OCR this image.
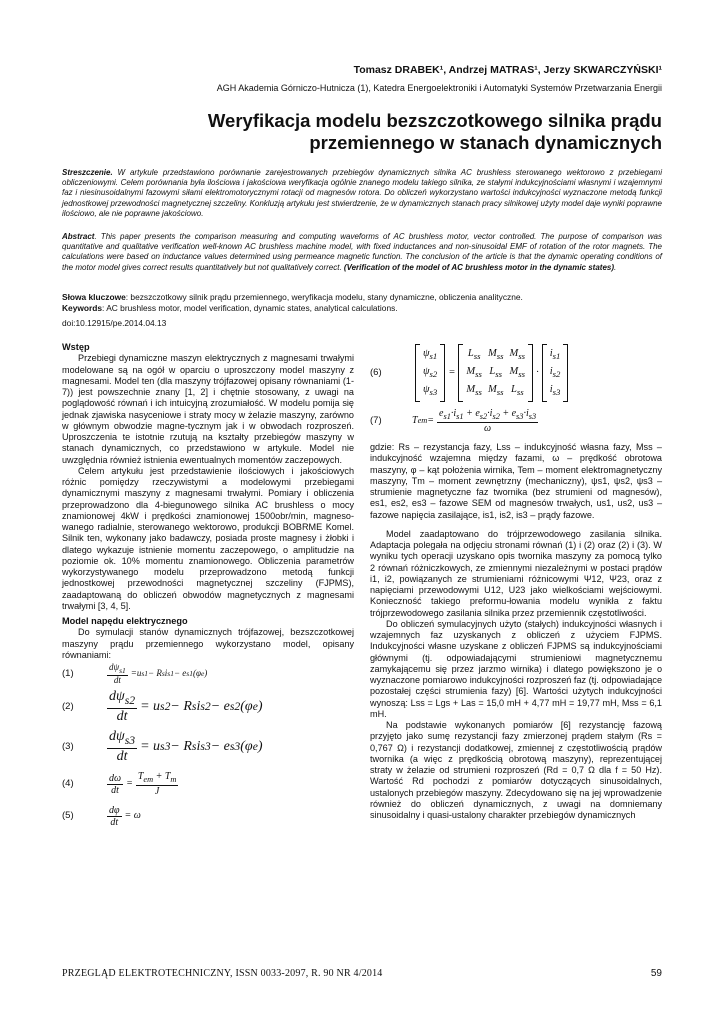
Tomasz DRABEK¹, Andrzej MATRAS¹, Jerzy SKWARCZYŃSKI¹
AGH Akademia Górniczo-Hutnicza (1), Katedra Energoelektroniki i Automatyki Systemów Przetwarzania Energii
Weryfikacja modelu bezszczotkowego silnika prądu
przemiennego w stanach dynamicznych
Streszczenie. W artykule przedstawiono porównanie zarejestrowanych przebiegów dynamicznych silnika AC brushless sterowanego wektorowo z przebiegami obliczeniowymi. Celem porównania była ilościowa i jakościowa weryfikacja ogólnie znanego modelu takiego silnika, ze stałymi indukcyjnościami własnymi i wzajemnymi faz i niesinusoidalnymi fazowymi siłami elektromotorycznymi rotacji od magnesów rotora. Do obliczeń wykorzystano wartości indukcyjności wyznaczone metodą funkcji jednostkowej przewodności magnetycznej szczeliny. Konkluzją artykułu jest stwierdzenie, że w dynamicznych stanach pracy silnikowej użyty model daje wyniki poprawne ilościowo, ale nie poprawne jakościowo.
Abstract. This paper presents the comparison measuring and computing waveforms of AC brushless motor, vector controlled. The purpose of comparison was quantitative and qualitative verification well-known AC brushless machine model, with fixed inductances and non-sinusoidal EMF of rotation of the rotor magnets. The calculations were based on inductance values determined using permeance magnetic function. The conclusion of the article is that the dynamic operating conditions of the motor model gives correct results quantitatively but not qualitatively correct. (Verification of the model of AC brushless motor in the dynamic states).
Słowa kluczowe: bezszczotkowy silnik prądu przemiennego, weryfikacja modelu, stany dynamiczne, obliczenia analityczne.
Keywords: AC brushless motor, model verification, dynamic states, analytical calculations.
doi:10.12915/pe.2014.04.13
Wstęp

Przebiegi dynamiczne maszyn elektrycznych z magnesami trwałymi modelowane są na ogół w oparciu o uproszczony model maszyny z magnesami. Model ten (dla maszyny trójfazowej opisany równaniami (1-7)) jest powszechnie znany [1, 2] i chętnie stosowany, z uwagi na poglądowość równań i ich intuicyjną zrozumiałość. W modelu pomija się jednak zjawiska nasyceniowe i straty mocy w żelazie maszyny, zarówno w głównym obwodzie magne-tycznym jak i w obwodach rozproszeń. Uproszczenia te istotnie rzutują na kształty przebiegów maszyny w stanach dynamicznych, co przedstawiono w artykule. Model nie uwzględnia również istnienia ewentualnych momentów zaczepowych.

Celem artykułu jest przedstawienie ilościowych i jakościowych różnic pomiędzy rzeczywistymi a modelowymi przebiegami dynamicznymi maszyny z magnesami trwałymi. Pomiary i obliczenia przeprowadzono dla 4-biegunowego silnika AC brushless o mocy znamionowej 4kW i prędkości znamionowej 1500obr/min, magneso-wanego radialnie, sterowanego wektorowo, produkcji BOBRME Komel. Silnik ten, wykonany jako badawczy, posiada proste magnesy i żłobki i dlatego wykazuje istnienie momentu zaczepowego, o amplitudzie na poziomie ok. 10% momentu znamionowego. Obliczenia parametrów wykorzystywanego modelu przeprowadzono metodą funkcji jednostkowej przewodności magnetycznej szczeliny (FJPMS), zaadaptowaną do obliczeń obwodów magnetycznych z magnesami trwałymi [3, 4, 5].

Model napędu elektrycznego

Do symulacji stanów dynamicznych trójfazowej, bezszczotkowej maszyny prądu przemiennego wykorzystano model, opisany równaniami:

(1)	$\frac{d\psi_{s1}}{dt} =u$ s1 − R s i s1 − e s1 (φ e )
(2)	$\frac{d\psi_{s2}}{dt} = u$ s2 − R s i s2 − e s2 (φ e )
(3)	$\frac{d\psi_{s3}}{dt} = u$ s3 − R s i s3 − e s3 (φ e )
(4)	$\frac{d\omega}{dt} = \frac{T_{em} + T_m}{J}$
(5)	$\frac{d\varphi}{dt} = \omega$
(6)
$\psi_{s1}$
$\psi_{s2}$
$\psi_{s3}$
=
$L_{ss}$
$M_{ss}$
$M_{ss}$
$M_{ss}$
$L_{ss}$
$M_{ss}$
$M_{ss}$
$M_{ss}$
$L_{ss}$
·
$i_{s1}$
$i_{s2}$
$i_{s3}$
(7)	T em = $\frac{e_{s1}\cdot i_{s1} + e_{s2}\cdot i_{s2} + e_{s3}\cdot i_{s3}}{\omega}$

gdzie: Rs – rezystancja fazy, Lss – indukcyjność własna fazy, Mss – indukcyjność wzajemna między fazami, ω – prędkość obrotowa maszyny, φ – kąt położenia wirnika, Tem – moment elektromagnetyczny maszyny, Tm – moment zewnętrzny (mechaniczny), ψs1, ψs2, ψs3 – strumienie magnetyczne faz twornika (bez strumieni od magnesów), es1, es2, es3 – fazowe SEM od magnesów trwałych, us1, us2, us3 – fazowe napięcia zasilające, is1, is2, is3 – prądy fazowe.

Model zaadaptowano do trójprzewodowego zasilania silnika. Adaptacja polegała na odjęciu stronami równań (1) i (2) oraz (2) i (3). W wyniku tych operacji uzyskano opis twornika maszyny za pomocą tylko 2 równań różniczkowych, ze zmiennymi niezależnymi w postaci prądów i1, i2, powiązanych ze strumieniami różnicowymi Ψ12, Ψ23, oraz z napięciami przewodowymi U12, U23 jako wielkościami wejściowymi. Konieczność takiego preformu-łowania modelu wynikła z faktu trójprzewodowego zasilania silnika przez przemiennik częstotliwości.

Do obliczeń symulacyjnych użyto (stałych) indukcyjności własnych i wzajemnych faz uzyskanych z obliczeń z użyciem FJPMS. Indukcyjności własne uzyskane z obliczeń FJPMS są indukcyjnościami głównymi (tj. odpowiadającymi strumieniowi magnetycznemu zamykającemu się przez jarzmo wirnika) i dlatego powiększono je o wyznaczone pomiarowo indukcyjności rozproszeń faz (tj. odpowiadające pozostałej części strumienia fazy) [6]. Wartości użytych indukcyjności wynoszą: Lss = Lgs + Las = 15,0 mH + 4,77 mH = 19,77 mH, Mss = 6,1 mH.

Na podstawie wykonanych pomiarów [6] rezystancję fazową przyjęto jako sumę rezystancji fazy zmierzonej prądem stałym (Rs = 0,767 Ω) i rezystancji dodatkowej, zmiennej z częstotliwością prądów twornika (a więc z prędkością obrotową maszyny), reprezentującej straty w żelazie od strumieni rozproszeń (Rd = 0,7 Ω dla f = 50 Hz). Wartość Rd pochodzi z pomiarów dotyczących sinusoidalnych, ustalonych przebiegów maszyny. Zdecydowano się na jej wprowadzenie również do obliczeń dynamicznych, z uwagi na domniemany sinusoidalny i quasi-ustalony charakter przebiegów dynamicznych

PRZEGLĄD ELEKTROTECHNICZNY, ISSN 0033-2097, R. 90 NR 4/2014	59
